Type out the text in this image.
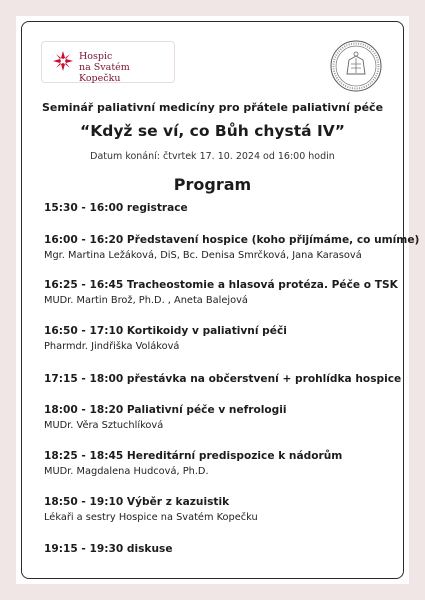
Hospic
na Svatém Kopečku
Seminář paliativní medicíny pro přátele paliativní péče
“Když se ví, co Bůh chystá IV”
Datum konání: čtvrtek 17. 10. 2024 od 16:00 hodin
Program
15:30 - 16:00 registrace
16:00 - 16:20 Představení hospice (koho přijímáme, co umíme)
Mgr. Martina Ležáková, DiS, Bc. Denisa Smrčková, Jana Karasová
16:25 - 16:45 Tracheostomie a hlasová protéza. Péče o TSK
MUDr. Martin Brož, Ph.D. , Aneta Balejová
16:50 - 17:10 Kortikoidy v paliativní péči
Pharmdr. Jindřiška Voláková
17:15 - 18:00 přestávka na občerstvení + prohlídka hospice
18:00 - 18:20 Paliativní péče v nefrologii
MUDr. Věra Sztuchlíková
18:25 - 18:45 Hereditární predispozice k nádorům
MUDr. Magdalena Hudcová, Ph.D.
18:50 - 19:10 Výběr z kazuistik
Lékaři a sestry Hospice na Svatém Kopečku
19:15 - 19:30 diskuse
